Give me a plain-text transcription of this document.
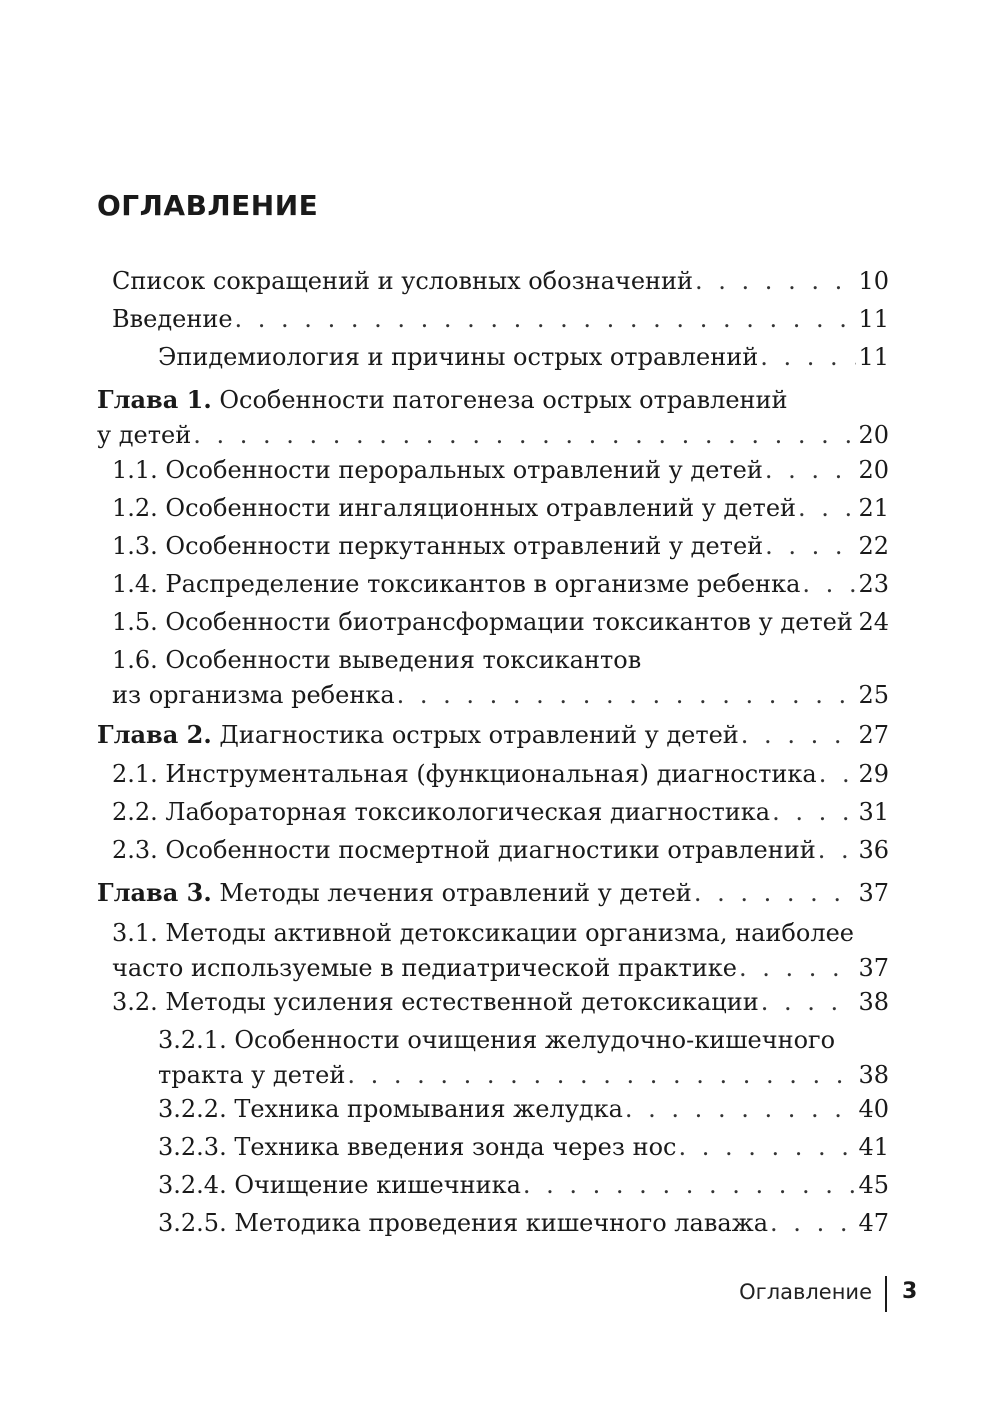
ОГЛАВЛЕНИЕ
Список сокращений и условных обозначений . . .	10
Введение . . .	11
Эпидемиология и причины острых отравлений . . .	11
Глава 1. Особенности патогенеза острых отравлений
у детей . . .	20
1.1. Особенности пероральных отравлений у детей . . .	20
1.2. Особенности ингаляционных отравлений у детей . . .	21
1.3. Особенности перкутанных отравлений у детей . . .	22
1.4. Распределение токсикантов в организме ребенка . . . 23
1.5. Особенности биотрансформации токсикантов у детей . . . 24
1.6. Особенности выведения токсикантов
из организма ребенка . . .	25
Глава 2. Диагностика острых отравлений у детей . . .	27
2.1. Инструментальная (функциональная) диагностика . . . 29
2.2. Лабораторная токсикологическая диагностика . . .	31
2.3. Особенности посмертной диагностики отравлений . . . 36
Глава 3. Методы лечения отравлений у детей . . .	37
3.1. Методы активной детоксикации организма, наиболее
часто используемые в педиатрической практике . . .	37
3.2. Методы усиления естественной детоксикации . . .	38
3.2.1. Особенности очищения желудочно-кишечного
тракта у детей . . .	38
3.2.2. Техника промывания желудка . . .	40
3.2.3. Техника введения зонда через нос . . .	41
3.2.4. Очищение кишечника . . .	45
3.2.5. Методика проведения кишечного лаважа . . .	47
Оглавление 3
